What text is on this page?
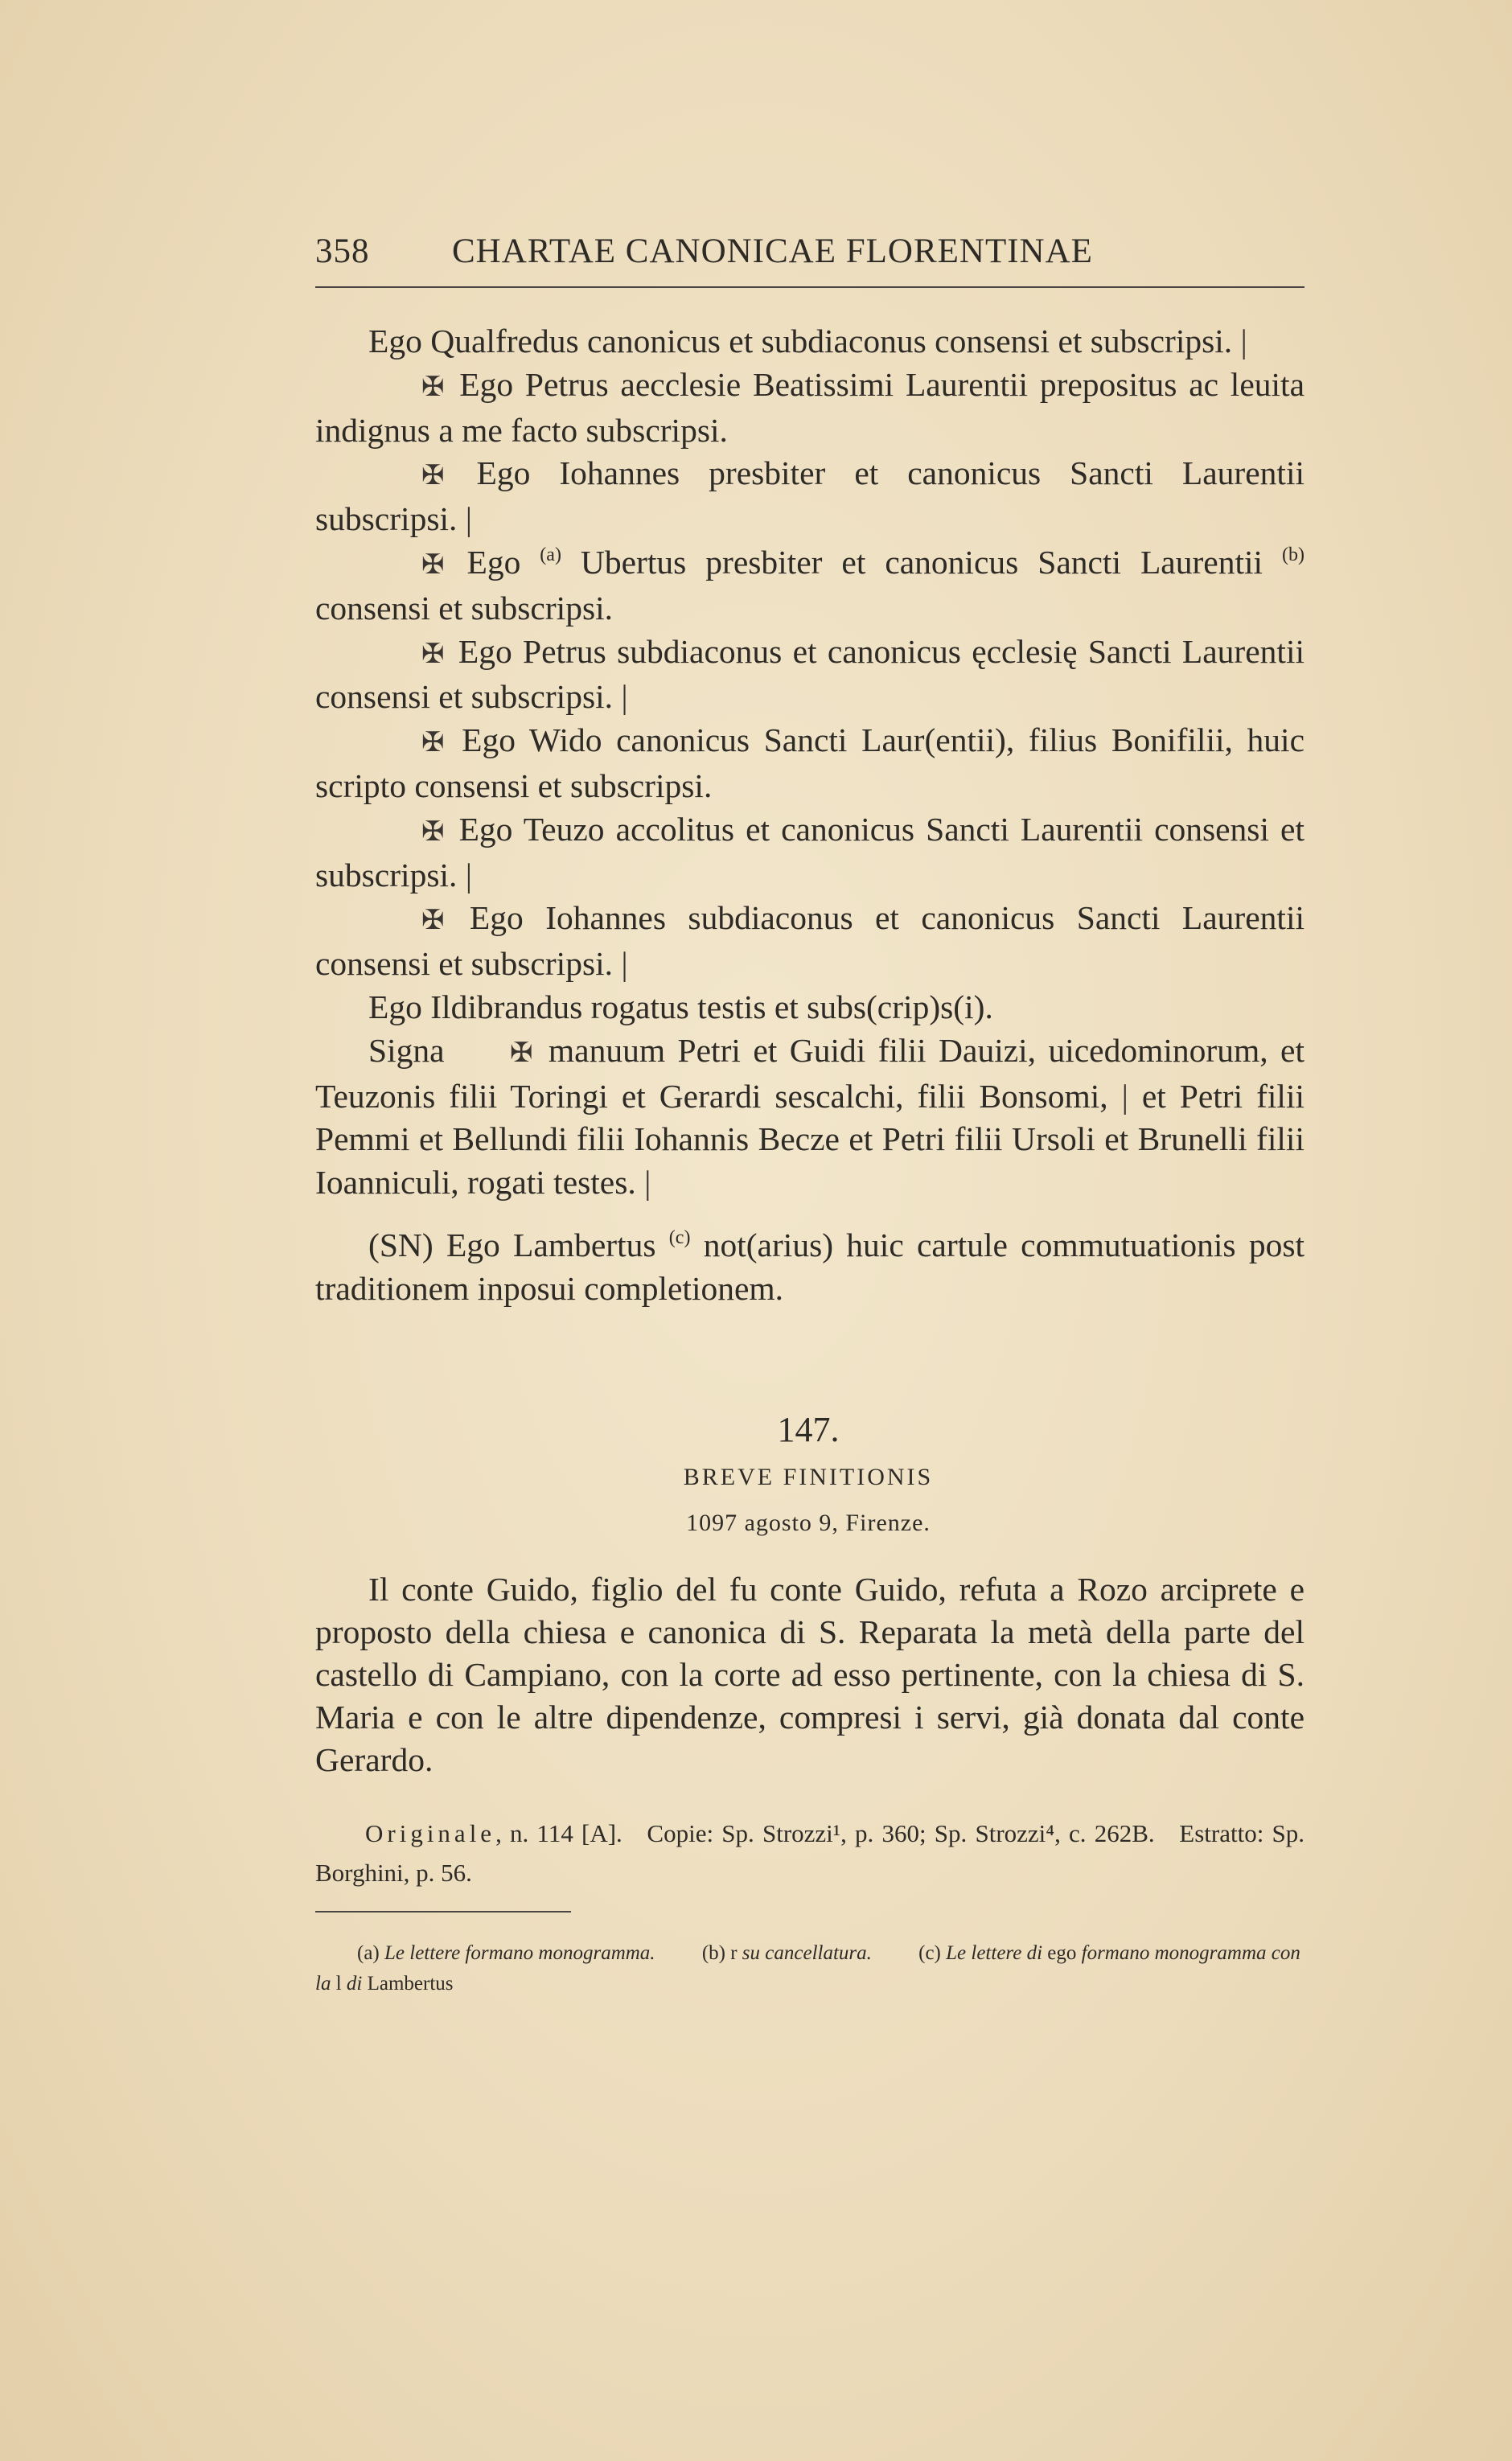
358 CHARTAE CANONICAE FLORENTINAE

Ego Qualfredus canonicus et subdiaconus consensi et subscripsi. |

✠ Ego Petrus aecclesie Beatissimi Laurentii prepositus ac leuita indignus a me facto subscripsi.

✠ Ego Iohannes presbiter et canonicus Sancti Laurentii subscripsi. |

✠ Ego $^{(a)}$ Ubertus presbiter et canonicus Sancti Laurentii $^{(b)}$ consensi et subscripsi.

✠ Ego Petrus subdiaconus et canonicus ęcclesię Sancti Laurentii consensi et subscripsi. |

✠ Ego Wido canonicus Sancti Laur(entii), filius Bonifilii, huic scripto consensi et subscripsi.

✠ Ego Teuzo accolitus et canonicus Sancti Laurentii consensi et subscripsi. |

✠ Ego Iohannes subdiaconus et canonicus Sancti Laurentii consensi et subscripsi. |

Ego Ildibrandus rogatus testis et subs(crip)s(i).

Signa ✠ manuum Petri et Guidi filii Dauizi, uicedominorum, et Teuzonis filii Toringi et Gerardi sescalchi, filii Bonsomi, | et Petri filii Pemmi et Bellundi filii Iohannis Becze et Petri filii Ursoli et Brunelli filii Ioanniculi, rogati testes. |

(SN) Ego Lambertus $^{(c)}$ not(arius) huic cartule commutuationis post traditionem inposui completionem.

147.
BREVE FINITIONIS
1097 agosto 9, Firenze.

Il conte Guido, figlio del fu conte Guido, refuta a Rozo arciprete e proposto della chiesa e canonica di S. Reparata la metà della parte del castello di Campiano, con la corte ad esso pertinente, con la chiesa di S. Maria e con le altre dipendenze, compresi i servi, già donata dal conte Gerardo.

Originale, n. 114 [A]. Copie: Sp. Strozzi¹, p. 360; Sp. Strozzi⁴, c. 262B. Estratto: Sp. Borghini, p. 56.

(a) Le lettere formano monogramma. (b) r su cancellatura. (c) Le lettere di ego formano monogramma con la l di Lambertus
